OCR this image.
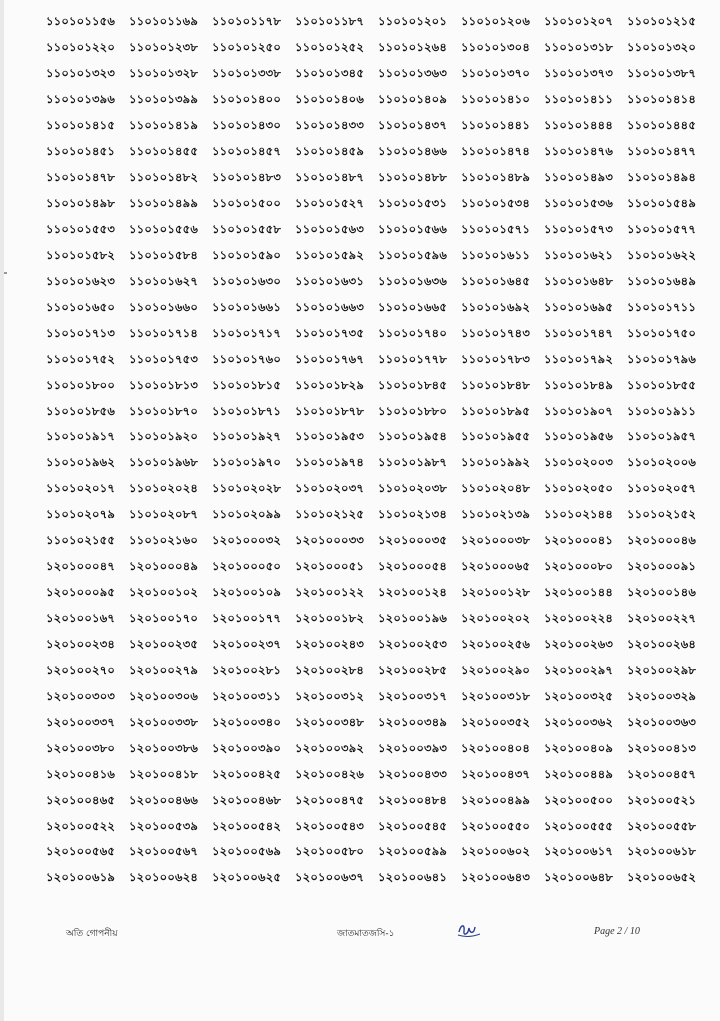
১১০১০১১৫৬	১১০১০১১৬৯	১১০১০১১৭৮	১১০১০১১৮৭	১১০১০১২০১	১১০১০১২০৬	১১০১০১২০৭	১১০১০১২১৫
১১০১০১২২০	১১০১০১২৩৮	১১০১০১২৫০	১১০১০১২৫২	১১০১০১২৬৪	১১০১০১৩০৪	১১০১০১৩১৮	১১০১০১৩২০
১১০১০১৩২৩	১১০১০১৩২৮	১১০১০১৩৩৮	১১০১০১৩৪৫	১১০১০১৩৬৩	১১০১০১৩৭০	১১০১০১৩৭৩	১১০১০১৩৮৭
১১০১০১৩৯৬	১১০১০১৩৯৯	১১০১০১৪০০	১১০১০১৪০৬	১১০১০১৪০৯	১১০১০১৪১০	১১০১০১৪১১	১১০১০১৪১৪
১১০১০১৪১৫	১১০১০১৪১৯	১১০১০১৪৩০	১১০১০১৪৩৩	১১০১০১৪৩৭	১১০১০১৪৪১	১১০১০১৪৪৪	১১০১০১৪৪৫
১১০১০১৪৫১	১১০১০১৪৫৫	১১০১০১৪৫৭	১১০১০১৪৫৯	১১০১০১৪৬৬	১১০১০১৪৭৪	১১০১০১৪৭৬	১১০১০১৪৭৭
১১০১০১৪৭৮	১১০১০১৪৮২	১১০১০১৪৮৩	১১০১০১৪৮৭	১১০১০১৪৮৮	১১০১০১৪৮৯	১১০১০১৪৯৩	১১০১০১৪৯৪
১১০১০১৪৯৮	১১০১০১৪৯৯	১১০১০১৫০০	১১০১০১৫২৭	১১০১০১৫৩১	১১০১০১৫৩৪	১১০১০১৫৩৬	১১০১০১৫৪৯
১১০১০১৫৫৩	১১০১০১৫৫৬	১১০১০১৫৫৮	১১০১০১৫৬৩	১১০১০১৫৬৬	১১০১০১৫৭১	১১০১০১৫৭৩	১১০১০১৫৭৭
১১০১০১৫৮২	১১০১০১৫৮৪	১১০১০১৫৯০	১১০১০১৫৯২	১১০১০১৫৯৬	১১০১০১৬১১	১১০১০১৬২১	১১০১০১৬২২
১১০১০১৬২৩	১১০১০১৬২৭	১১০১০১৬৩০	১১০১০১৬৩১	১১০১০১৬৩৬	১১০১০১৬৪৫	১১০১০১৬৪৮	১১০১০১৬৪৯
১১০১০১৬৫০	১১০১০১৬৬০	১১০১০১৬৬১	১১০১০১৬৬৩	১১০১০১৬৬৫	১১০১০১৬৯২	১১০১০১৬৯৫	১১০১০১৭১১
১১০১০১৭১৩	১১০১০১৭১৪	১১০১০১৭১৭	১১০১০১৭৩৫	১১০১০১৭৪০	১১০১০১৭৪৩	১১০১০১৭৪৭	১১০১০১৭৫০
১১০১০১৭৫২	১১০১০১৭৫৩	১১০১০১৭৬০	১১০১০১৭৬৭	১১০১০১৭৭৮	১১০১০১৭৮৩	১১০১০১৭৯২	১১০১০১৭৯৬
১১০১০১৮০০	১১০১০১৮১৩	১১০১০১৮১৫	১১০১০১৮২৯	১১০১০১৮৪৫	১১০১০১৮৪৮	১১০১০১৮৪৯	১১০১০১৮৫৫
১১০১০১৮৫৬	১১০১০১৮৭০	১১০১০১৮৭১	১১০১০১৮৭৮	১১০১০১৮৮০	১১০১০১৮৯৫	১১০১০১৯০৭	১১০১০১৯১১
১১০১০১৯১৭	১১০১০১৯২০	১১০১০১৯২৭	১১০১০১৯৫৩	১১০১০১৯৫৪	১১০১০১৯৫৫	১১০১০১৯৫৬	১১০১০১৯৫৭
১১০১০১৯৬২	১১০১০১৯৬৮	১১০১০১৯৭০	১১০১০১৯৭৪	১১০১০১৯৮৭	১১০১০১৯৯২	১১০১০২০০৩	১১০১০২০০৬
১১০১০২০১৭	১১০১০২০২৪	১১০১০২০২৮	১১০১০২০৩৭	১১০১০২০৩৮	১১০১০২০৪৮	১১০১০২০৫০	১১০১০২০৫৭
১১০১০২০৭৯	১১০১০২০৮৭	১১০১০২০৯৯	১১০১০২১২৫	১১০১০২১৩৪	১১০১০২১৩৯	১১০১০২১৪৪	১১০১০২১৫২
১১০১০২১৫৫	১১০১০২১৬০	১২০১০০০৩২	১২০১০০০৩৩	১২০১০০০৩৫	১২০১০০০৩৮	১২০১০০০৪১	১২০১০০০৪৬
১২০১০০০৪৭	১২০১০০০৪৯	১২০১০০০৫০	১২০১০০০৫১	১২০১০০০৫৪	১২০১০০০৬৫	১২০১০০০৮০	১২০১০০০৯১
১২০১০০০৯৫	১২০১০০১০২	১২০১০০১০৯	১২০১০০১২২	১২০১০০১২৪	১২০১০০১২৮	১২০১০০১৪৪	১২০১০০১৪৬
১২০১০০১৬৭	১২০১০০১৭০	১২০১০০১৭৭	১২০১০০১৮২	১২০১০০১৯৬	১২০১০০২০২	১২০১০০২২৪	১২০১০০২২৭
১২০১০০২৩৪	১২০১০০২৩৫	১২০১০০২৩৭	১২০১০০২৪৩	১২০১০০২৫৩	১২০১০০২৫৬	১২০১০০২৬৩	১২০১০০২৬৪
১২০১০০২৭০	১২০১০০২৭৯	১২০১০০২৮১	১২০১০০২৮৪	১২০১০০২৮৫	১২০১০০২৯০	১২০১০০২৯৭	১২০১০০২৯৮
১২০১০০৩০৩	১২০১০০৩০৬	১২০১০০৩১১	১২০১০০৩১২	১২০১০০৩১৭	১২০১০০৩১৮	১২০১০০৩২৫	১২০১০০৩২৯
১২০১০০৩৩৭	১২০১০০৩৩৮	১২০১০০৩৪০	১২০১০০৩৪৮	১২০১০০৩৪৯	১২০১০০৩৫২	১২০১০০৩৬২	১২০১০০৩৬৩
১২০১০০৩৮০	১২০১০০৩৮৬	১২০১০০৩৯০	১২০১০০৩৯২	১২০১০০৩৯৩	১২০১০০৪০৪	১২০১০০৪০৯	১২০১০০৪১৩
১২০১০০৪১৬	১২০১০০৪১৮	১২০১০০৪২৫	১২০১০০৪২৬	১২০১০০৪৩৩	১২০১০০৪৩৭	১২০১০০৪৪৯	১২০১০০৪৫৭
১২০১০০৪৬৫	১২০১০০৪৬৬	১২০১০০৪৬৮	১২০১০০৪৭৫	১২০১০০৪৮৪	১২০১০০৪৯৯	১২০১০০৫০০	১২০১০০৫২১
১২০১০০৫২২	১২০১০০৫৩৯	১২০১০০৫৪২	১২০১০০৫৪৩	১২০১০০৫৪৫	১২০১০০৫৫০	১২০১০০৫৫৫	১২০১০০৫৫৮
১২০১০০৫৬৫	১২০১০০৫৬৭	১২০১০০৫৬৯	১২০১০০৫৮০	১২০১০০৫৯৯	১২০১০০৬০২	১২০১০০৬১৭	১২০১০০৬১৮
১২০১০০৬১৯	১২০১০০৬২৪	১২০১০০৬২৫	১২০১০০৬৩৭	১২০১০০৬৪১	১২০১০০৬৪৩	১২০১০০৬৪৮	১২০১০০৬৫২
অতি গোপনীয়	জাতমাতজসি-১	Page 2 / 10
